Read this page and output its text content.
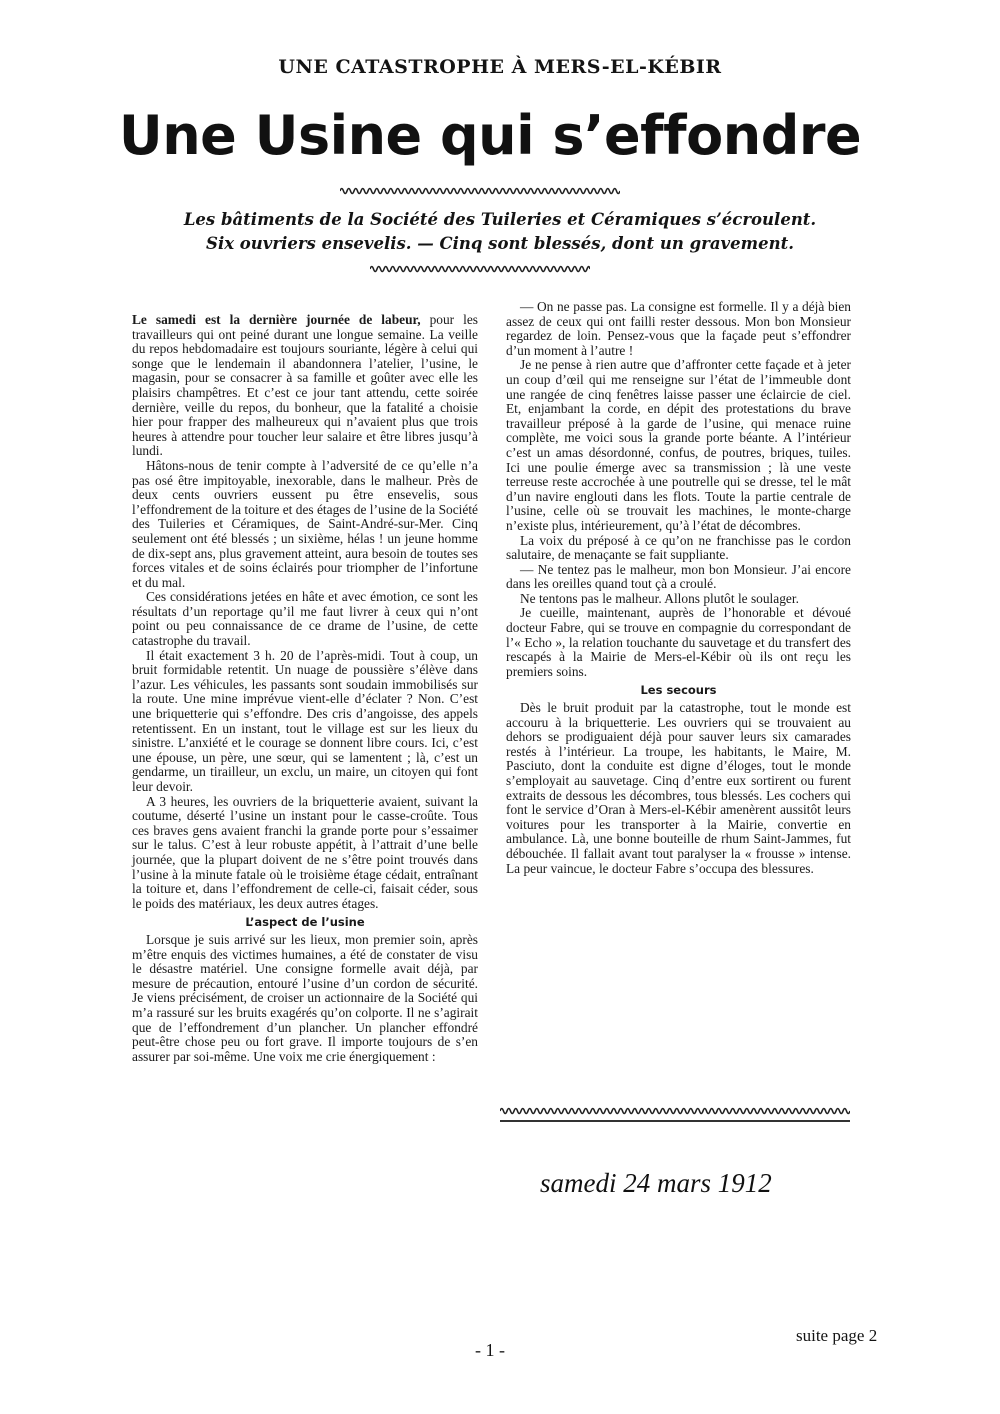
UNE CATASTROPHE À MERS-EL-KÉBIR
Une Usine qui s’effondre
Les bâtiments de la Société des Tuileries et Céramiques s’écroulent.
Six ouvriers ensevelis. — Cinq sont blessés, dont un gravement.

Le samedi est la dernière journée de labeur, pour les travailleurs qui ont peiné durant une longue semaine. La veille du repos hebdomadaire est toujours souriante, légère à celui qui songe que le lendemain il abandonnera l’atelier, l’usine, le magasin, pour se consacrer à sa famille et goûter avec elle les plaisirs champêtres. Et c’est ce jour tant attendu, cette soirée dernière, veille du repos, du bonheur, que la fatalité a choisie hier pour frapper des malheureux qui n’avaient plus que trois heures à attendre pour toucher leur salaire et être libres jusqu’à lundi.

Hâtons-nous de tenir compte à l’adversité de ce qu’elle n’a pas osé être impitoyable, inexorable, dans le malheur. Près de deux cents ouvriers eussent pu être ensevelis, sous l’effondrement de la toiture et des étages de l’usine de la Société des Tuileries et Céramiques, de Saint-André-sur-Mer. Cinq seulement ont été blessés ; un sixième, hélas ! un jeune homme de dix-sept ans, plus gravement atteint, aura besoin de toutes ses forces vitales et de soins éclairés pour triompher de l’infortune et du mal.

Ces considérations jetées en hâte et avec émotion, ce sont les résultats d’un reportage qu’il me faut livrer à ceux qui n’ont point ou peu connaissance de ce drame de l’usine, de cette catastrophe du travail.

Il était exactement 3 h. 20 de l’après-midi. Tout à coup, un bruit formidable retentit. Un nuage de poussière s’élève dans l’azur. Les véhicules, les passants sont soudain immobilisés sur la route. Une mine imprévue vient-elle d’éclater ? Non. C’est une briquetterie qui s’effondre. Des cris d’angoisse, des appels retentissent. En un instant, tout le village est sur les lieux du sinistre. L’anxiété et le courage se donnent libre cours. Ici, c’est une épouse, un père, une sœur, qui se lamentent ; là, c’est un gendarme, un tirailleur, un exclu, un maire, un citoyen qui font leur devoir.

A 3 heures, les ouvriers de la briquetterie avaient, suivant la coutume, déserté l’usine un instant pour le casse-croûte. Tous ces braves gens avaient franchi la grande porte pour s’essaimer sur le talus. C’est à leur robuste appétit, à l’attrait d’une belle journée, que la plupart doivent de ne s’être point trouvés dans l’usine à la minute fatale où le troisième étage cédait, entraînant la toiture et, dans l’effondrement de celle-ci, faisait céder, sous le poids des matériaux, les deux autres étages.

L’aspect de l’usine

Lorsque je suis arrivé sur les lieux, mon premier soin, après m’être enquis des victimes humaines, a été de constater de visu le désastre matériel. Une consigne formelle avait déjà, par mesure de précaution, entouré l’usine d’un cordon de sécurité. Je viens précisément, de croiser un actionnaire de la Société qui m’a rassuré sur les bruits exagérés qu’on colporte. Il ne s’agirait que de l’effondrement d’un plancher. Un plancher effondré peut-être chose peu ou fort grave. Il importe toujours de s’en assurer par soi-même. Une voix me crie énergiquement :

— On ne passe pas. La consigne est formelle. Il y a déjà bien assez de ceux qui ont failli rester dessous. Mon bon Monsieur regardez de loin. Pensez-vous que la façade peut s’effondrer d’un moment à l’autre !

Je ne pense à rien autre que d’affronter cette façade et à jeter un coup d’œil qui me renseigne sur l’état de l’immeuble dont une rangée de cinq fenêtres laisse passer une éclaircie de ciel. Et, enjambant la corde, en dépit des protestations du brave travailleur préposé à la garde de l’usine, qui menace ruine complète, me voici sous la grande porte béante. A l’intérieur c’est un amas désordonné, confus, de poutres, briques, tuiles. Ici une poulie émerge avec sa transmission ; là une veste terreuse reste accrochée à une poutrelle qui se dresse, tel le mât d’un navire englouti dans les flots. Toute la partie centrale de l’usine, celle où se trouvait les machines, le monte-charge n’existe plus, intérieurement, qu’à l’état de décombres.

La voix du préposé à ce qu’on ne franchisse pas le cordon salutaire, de menaçante se fait suppliante.

— Ne tentez pas le malheur, mon bon Monsieur. J’ai encore dans les oreilles quand tout çà a croulé.

Ne tentons pas le malheur. Allons plutôt le soulager.

Je cueille, maintenant, auprès de l’honorable et dévoué docteur Fabre, qui se trouve en compagnie du correspondant de l’« Echo », la relation touchante du sauvetage et du transfert des rescapés à la Mairie de Mers-el-Kébir où ils ont reçu les premiers soins.

Les secours

Dès le bruit produit par la catastrophe, tout le monde est accouru à la briquetterie. Les ouvriers qui se trouvaient au dehors se prodiguaient déjà pour sauver leurs six camarades restés à l’intérieur. La troupe, les habitants, le Maire, M. Pasciuto, dont la conduite est digne d’éloges, tout le monde s’employait au sauvetage. Cinq d’entre eux sortirent ou furent extraits de dessous les décombres, tous blessés. Les cochers qui font le service d’Oran à Mers-el-Kébir amenèrent aussitôt leurs voitures pour les transporter à la Mairie, convertie en ambulance. Là, une bonne bouteille de rhum Saint-Jammes, fut débouchée. Il fallait avant tout paralyser la « frousse » intense. La peur vaincue, le docteur Fabre s’occupa des blessures.

samedi 24 mars 1912
- 1 -
suite page 2
